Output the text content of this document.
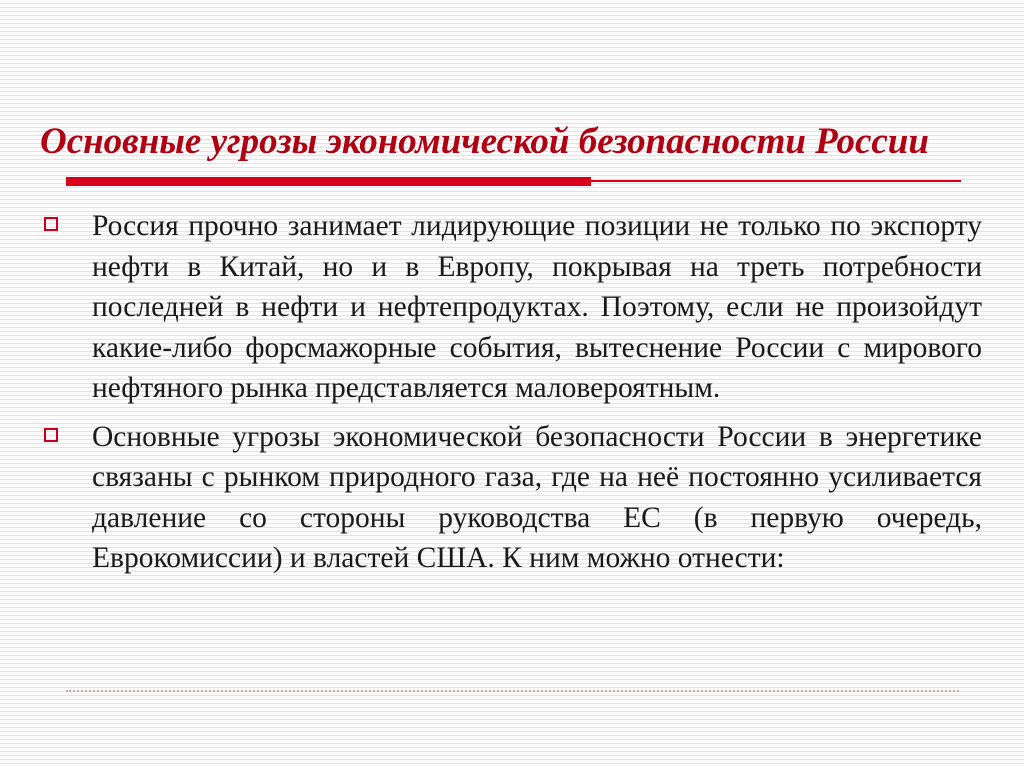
Основные угрозы экономической безопасности России

Россия прочно занимает лидирующие позиции не только по экспорту нефти в Китай, но и в Европу, покрывая на треть потребности последней в нефти и нефтепродуктах. Поэтому, если не произойдут какие-либо форсмажорные события, вытеснение России с мирового нефтяного рынка представляется маловероятным.

Основные угрозы экономической безопасности России в энергетике связаны с рынком природного газа, где на неё постоянно усиливается давление со стороны руководства ЕС (в первую очередь, Еврокомиссии) и властей США. К ним можно отнести:
